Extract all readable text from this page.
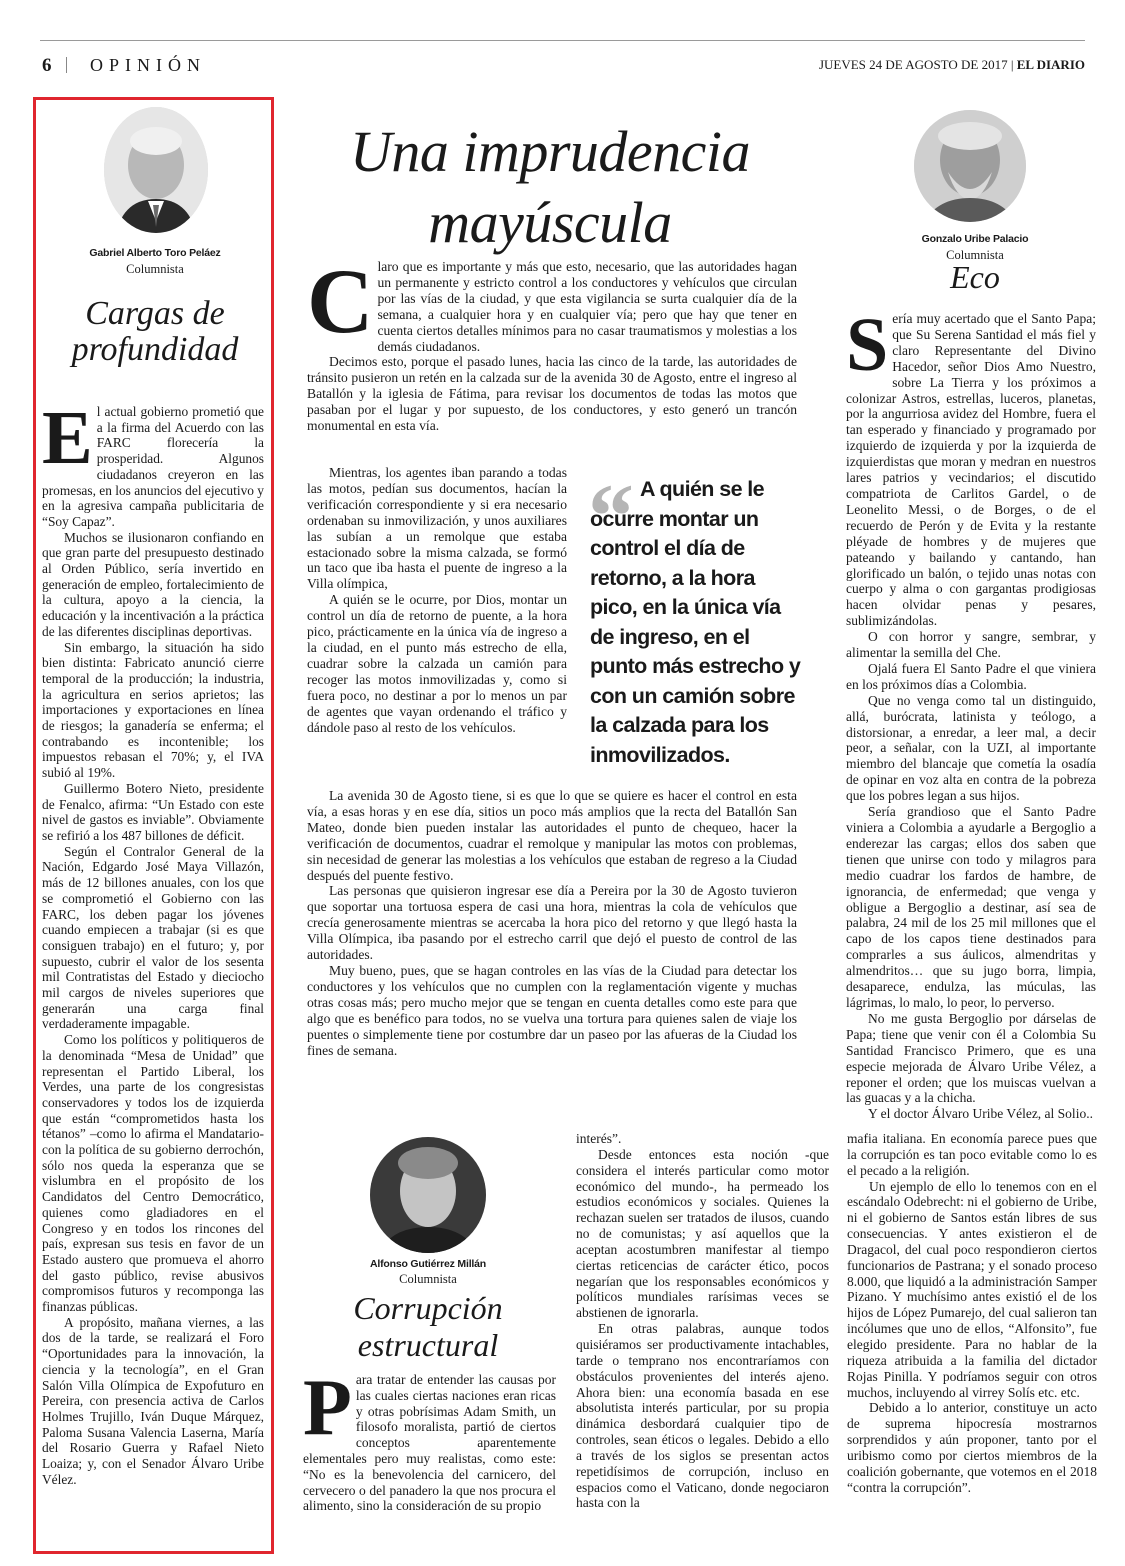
6 OPINIÓN	JUEVES 24 DE AGOSTO DE 2017 | EL DIARIO
Gabriel Alberto Toro Peláez
Columnista
Cargas de
profundidad

El actual gobierno prometió que a la firma del Acuerdo con las FARC florecería la prosperidad. Algunos ciudadanos creyeron en las promesas, en los anuncios del ejecutivo y en la agresiva campaña publicitaria de “Soy Capaz”.

Muchos se ilusionaron confiando en que gran parte del presupuesto destinado al Orden Público, sería invertido en generación de empleo, fortalecimiento de la cultura, apoyo a la ciencia, la educación y la incentivación a la práctica de las diferentes disciplinas deportivas.

Sin embargo, la situación ha sido bien distinta: Fabricato anunció cierre temporal de la producción; la industria, la agricultura en serios aprietos; las importaciones y exportaciones en línea de riesgos; la ganadería se enferma; el contrabando es incontenible; los impuestos rebasan el 70%; y, el IVA subió al 19%.

Guillermo Botero Nieto, presidente de Fenalco, afirma: “Un Estado con este nivel de gastos es inviable”. Obviamente se refirió a los 487 billones de déficit.

Según el Contralor General de la Nación, Edgardo José Maya Villazón, más de 12 billones anuales, con los que se comprometió el Gobierno con las FARC, los deben pagar los jóvenes cuando empiecen a trabajar (si es que consiguen trabajo) en el futuro; y, por supuesto, cubrir el valor de los sesenta mil Contratistas del Estado y dieciocho mil cargos de niveles superiores que generarán una carga final verdaderamente impagable.

Como los políticos y politiqueros de la denominada “Mesa de Unidad” que representan el Partido Liberal, los Verdes, una parte de los congresistas conservadores y todos los de izquierda que están “comprometidos hasta los tétanos” –como lo afirma el Mandatario- con la política de su gobierno derrochón, sólo nos queda la esperanza que se vislumbra en el propósito de los Candidatos del Centro Democrático, quienes como gladiadores en el Congreso y en todos los rincones del país, expresan sus tesis en favor de un Estado austero que promueva el ahorro del gasto público, revise abusivos compromisos futuros y recomponga las finanzas públicas.

A propósito, mañana viernes, a las dos de la tarde, se realizará el Foro “Oportunidades para la innovación, la ciencia y la tecnología”, en el Gran Salón Villa Olímpica de Expofuturo en Pereira, con presencia activa de Carlos Holmes Trujillo, Iván Duque Márquez, Paloma Susana Valencia Laserna, María del Rosario Guerra y Rafael Nieto Loaiza; y, con el Senador Álvaro Uribe Vélez.

Una imprudencia
mayúscula

Claro que es importante y más que esto, necesario, que las autoridades hagan un permanente y estricto control a los conductores y vehículos que circulan por las vías de la ciudad, y que esta vigilancia se surta cualquier día de la semana, a cualquier hora y en cualquier vía; pero que hay que tener en cuenta ciertos detalles mínimos para no casar traumatismos y molestias a los demás ciudadanos.

Decimos esto, porque el pasado lunes, hacia las cinco de la tarde, las autoridades de tránsito pusieron un retén en la calzada sur de la avenida 30 de Agosto, entre el ingreso al Batallón y la iglesia de Fátima, para revisar los documentos de todas las motos que pasaban por el lugar y por supuesto, de los conductores, y esto generó un trancón monumental en esta vía.

Mientras, los agentes iban parando a todas las motos, pedían sus documentos, hacían la verificación correspondiente y si era necesario ordenaban su inmovilización, y unos auxiliares las subían a un remolque que estaba estacionado sobre la misma calzada, se formó un taco que iba hasta el puente de ingreso a la Villa olímpica,

A quién se le ocurre, por Dios, montar un control un día de retorno de puente, a la hora pico, prácticamente en la única vía de ingreso a la ciudad, en el punto más estrecho de ella, cuadrar sobre la calzada un camión para recoger las motos inmovilizadas y, como si fuera poco, no destinar a por lo menos un par de agentes que vayan ordenando el tráfico y dándole paso al resto de los vehículos.

“ A quién se le ocurre montar un control el día de retorno, a la hora pico, en la única vía de ingreso, en el punto más estrecho y con un camión sobre la calzada para los inmovilizados.

La avenida 30 de Agosto tiene, si es que lo que se quiere es hacer el control en esta vía, a esas horas y en ese día, sitios un poco más amplios que la recta del Batallón San Mateo, donde bien pueden instalar las autoridades el punto de chequeo, hacer la verificación de documentos, cuadrar el remolque y manipular las motos con problemas, sin necesidad de generar las molestias a los vehículos que estaban de regreso a la Ciudad después del puente festivo.

Las personas que quisieron ingresar ese día a Pereira por la 30 de Agosto tuvieron que soportar una tortuosa espera de casi una hora, mientras la cola de vehículos que crecía generosamente mientras se acercaba la hora pico del retorno y que llegó hasta la Villa Olímpica, iba pasando por el estrecho carril que dejó el puesto de control de las autoridades.

Muy bueno, pues, que se hagan controles en las vías de la Ciudad para detectar los conductores y los vehículos que no cumplen con la reglamentación vigente y muchas otras cosas más; pero mucho mejor que se tengan en cuenta detalles como este para que algo que es benéfico para todos, no se vuelva una tortura para quienes salen de viaje los puentes o simplemente tiene por costumbre dar un paseo por las afueras de la Ciudad los fines de semana.

Gonzalo Uribe Palacio
Columnista
Eco

Sería muy acertado que el Santo Papa; que Su Serena Santidad el más fiel y claro Representante del Divino Hacedor, señor Dios Amo Nuestro, sobre La Tierra y los próximos a colonizar Astros, estrellas, luceros, planetas, por la angurriosa avidez del Hombre, fuera el tan esperado y financiado y programado por izquierdo de izquierda y por la izquierda de izquierdistas que moran y medran en nuestros lares patrios y vecindarios; el discutido compatriota de Carlitos Gardel, o de Leonelito Messi, o de Borges, o de el recuerdo de Perón y de Evita y la restante pléyade de hombres y de mujeres que pateando y bailando y cantando, han glorificado un balón, o tejido unas notas con cuerpo y alma o con gargantas prodigiosas hacen olvidar penas y pesares, sublimizándolas.

O con horror y sangre, sembrar, y alimentar la semilla del Che.

Ojalá fuera El Santo Padre el que viniera en los próximos días a Colombia.

Que no venga como tal un distinguido, allá, burócrata, latinista y teólogo, a distorsionar, a enredar, a leer mal, a decir peor, a señalar, con la UZI, al importante miembro del blancaje que cometía la osadía de opinar en voz alta en contra de la pobreza que los pobres legan a sus hijos.

Sería grandioso que el Santo Padre viniera a Colombia a ayudarle a Bergoglio a enderezar las cargas; ellos dos saben que tienen que unirse con todo y milagros para medio cuadrar los fardos de hambre, de ignorancia, de enfermedad; que venga y obligue a Bergoglio a destinar, así sea de palabra, 24 mil de los 25 mil millones que el capo de los capos tiene destinados para comprarles a sus áulicos, almendritas y almendritos… que su jugo borra, limpia, desaparece, endulza, las múculas, las lágrimas, lo malo, lo peor, lo perverso.

No me gusta Bergoglio por dárselas de Papa; tiene que venir con él a Colombia Su Santidad Francisco Primero, que es una especie mejorada de Álvaro Uribe Vélez, a reponer el orden; que los muiscas vuelvan a las guacas y a la chicha.

Y el doctor Álvaro Uribe Vélez, al Solio..

Alfonso Gutiérrez Millán
Columnista
Corrupción
estructural

Para tratar de entender las causas por las cuales ciertas naciones eran ricas y otras pobrísimas Adam Smith, un filosofo moralista, partió de ciertos conceptos aparentemente elementales pero muy realistas, como este: “No es la benevolencia del carnicero, del cervecero o del panadero la que nos procura el alimento, sino la consideración de su propio

interés”.

Desde entonces esta noción -que considera el interés particular como motor económico del mundo-, ha permeado los estudios económicos y sociales. Quienes la rechazan suelen ser tratados de ilusos, cuando no de comunistas; y así aquellos que la aceptan acostumbren manifestar al tiempo ciertas reticencias de carácter ético, pocos negarían que los responsables económicos y políticos mundiales rarísimas veces se abstienen de ignorarla.

En otras palabras, aunque todos quisiéramos ser productivamente intachables, tarde o temprano nos encontraríamos con obstáculos provenientes del interés ajeno. Ahora bien: una economía basada en ese absolutista interés particular, por su propia dinámica desbordará cualquier tipo de controles, sean éticos o legales. Debido a ello a través de los siglos se presentan actos repetidísimos de corrupción, incluso en espacios como el Vaticano, donde negociaron hasta con la

mafia italiana. En economía parece pues que la corrupción es tan poco evitable como lo es el pecado a la religión.

Un ejemplo de ello lo tenemos con en el escándalo Odebrecht: ni el gobierno de Uribe, ni el gobierno de Santos están libres de sus consecuencias. Y antes existieron el de Dragacol, del cual poco respondieron ciertos funcionarios de Pastrana; y el sonado proceso 8.000, que liquidó a la administración Samper Pizano. Y muchísimo antes existió el de los hijos de López Pumarejo, del cual salieron tan incólumes que uno de ellos, “Alfonsito”, fue elegido presidente. Para no hablar de la riqueza atribuida a la familia del dictador Rojas Pinilla. Y podríamos seguir con otros muchos, incluyendo al virrey Solís etc. etc.

Debido a lo anterior, constituye un acto de suprema hipocresía mostrarnos sorprendidos y aún proponer, tanto por el uribismo como por ciertos miembros de la coalición gobernante, que votemos en el 2018 “contra la corrupción”.
